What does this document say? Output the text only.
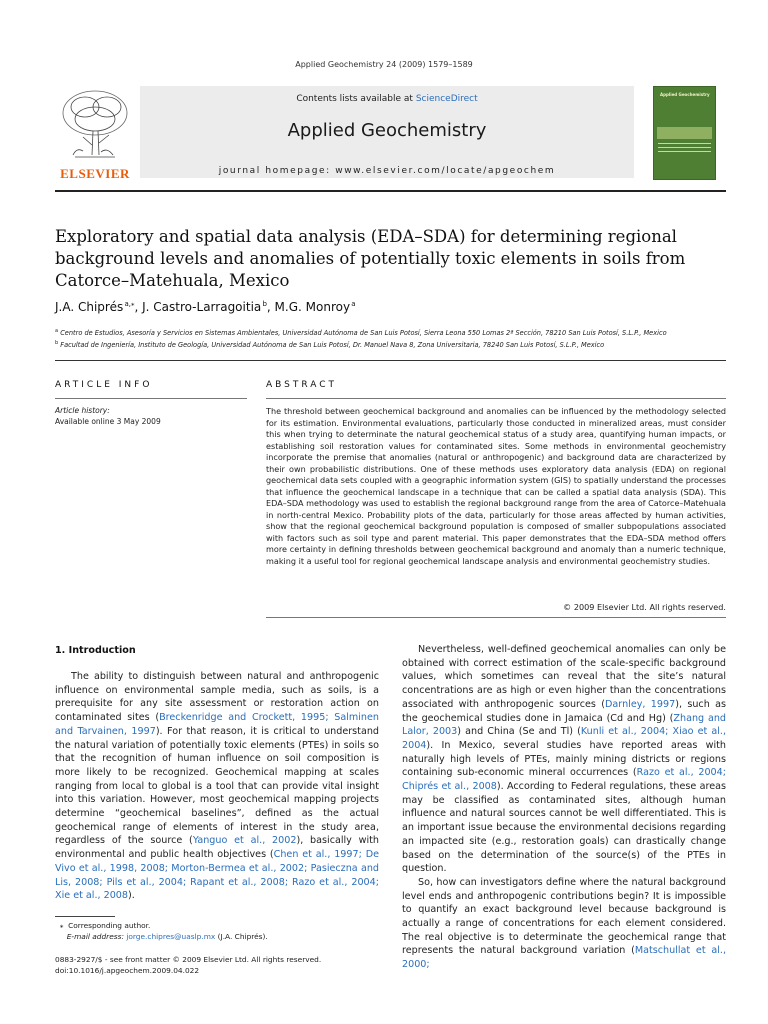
Applied Geochemistry 24 (2009) 1579–1589
ELSEVIER
Contents lists available at ScienceDirect
Applied Geochemistry
journal homepage: www.elsevier.com/locate/apgeochem
Applied Geochemistry
Exploratory and spatial data analysis (EDA–SDA) for determining regional background levels and anomalies of potentially toxic elements in soils from Catorce–Matehuala, Mexico
J.A. Chiprés $^{a,⁎}$, J. Castro-Larragoitia $^b$, M.G. Monroy $^a$
$^a$ Centro de Estudios, Asesoría y Servicios en Sistemas Ambientales, Universidad Autónoma de San Luis Potosí, Sierra Leona 550 Lomas 2ª Sección, 78210 San Luis Potosí, S.L.P., Mexico
$^b$ Facultad de Ingeniería, Instituto de Geología, Universidad Autónoma de San Luis Potosí, Dr. Manuel Nava 8, Zona Universitaria, 78240 San Luis Potosí, S.L.P., Mexico
ARTICLE INFO	ABSTRACT
Article history:
Available online 3 May 2009
The threshold between geochemical background and anomalies can be influenced by the methodology selected for its estimation. Environmental evaluations, particularly those conducted in mineralized areas, must consider this when trying to determinate the natural geochemical status of a study area, quantifying human impacts, or establishing soil restoration values for contaminated sites. Some methods in environmental geochemistry incorporate the premise that anomalies (natural or anthropogenic) and background data are characterized by their own probabilistic distributions. One of these methods uses exploratory data analysis (EDA) on regional geochemical data sets coupled with a geographic information system (GIS) to spatially understand the processes that influence the geochemical landscape in a technique that can be called a spatial data analysis (SDA). This EDA–SDA methodology was used to establish the regional background range from the area of Catorce–Matehuala in north-central Mexico. Probability plots of the data, particularly for those areas affected by human activities, show that the regional geochemical background population is composed of smaller subpopulations associated with factors such as soil type and parent material. This paper demonstrates that the EDA–SDA method offers more certainty in defining thresholds between geochemical background and anomaly than a numeric technique, making it a useful tool for regional geochemical landscape analysis and environmental geochemistry studies.
© 2009 Elsevier Ltd. All rights reserved.
1. Introduction

The ability to distinguish between natural and anthropogenic influence on environmental sample media, such as soils, is a prerequisite for any site assessment or restoration action on contaminated sites (Breckenridge and Crockett, 1995; Salminen and Tarvainen, 1997). For that reason, it is critical to understand the natural variation of potentially toxic elements (PTEs) in soils so that the recognition of human influence on soil composition is more likely to be recognized. Geochemical mapping at scales ranging from local to global is a tool that can provide vital insight into this variation. However, most geochemical mapping projects determine “geochemical baselines”, defined as the actual geochemical range of elements of interest in the study area, regardless of the source (Yanguo et al., 2002), basically with environmental and public health objectives (Chen et al., 1997; De Vivo et al., 1998, 2008; Morton-Bermea et al., 2002; Pasieczna and Lis, 2008; Pils et al., 2004; Rapant et al., 2008; Razo et al., 2004; Xie et al., 2008).

Nevertheless, well-defined geochemical anomalies can only be obtained with correct estimation of the scale-specific background values, which sometimes can reveal that the site’s natural concentrations are as high or even higher than the concentrations associated with anthropogenic sources (Darnley, 1997), such as the geochemical studies done in Jamaica (Cd and Hg) (Zhang and Lalor, 2003) and China (Se and Tl) (Kunli et al., 2004; Xiao et al., 2004). In Mexico, several studies have reported areas with naturally high levels of PTEs, mainly mining districts or regions containing sub-economic mineral occurrences (Razo et al., 2004; Chiprés et al., 2008). According to Federal regulations, these areas may be classified as contaminated sites, although human influence and natural sources cannot be well differentiated. This is an important issue because the environmental decisions regarding an impacted site (e.g., restoration goals) can drastically change based on the determination of the source(s) of the PTEs in question.

So, how can investigators define where the natural background level ends and anthropogenic contributions begin? It is impossible to quantify an exact background level because background is actually a range of concentrations for each element considered. The real objective is to determinate the geochemical range that represents the natural background variation (Matschullat et al., 2000;

⁎ Corresponding author.
E-mail address: jorge.chipres@uaslp.mx (J.A. Chiprés).
0883-2927/$ - see front matter © 2009 Elsevier Ltd. All rights reserved.
doi:10.1016/j.apgeochem.2009.04.022
